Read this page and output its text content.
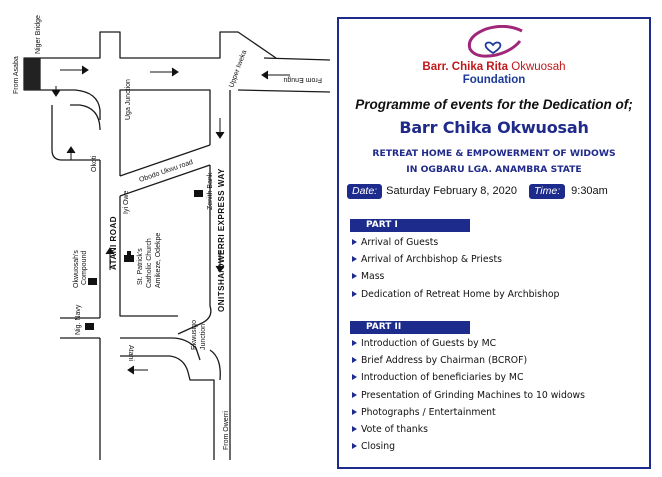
From Asaba
Niger Bridge
Upper Iweka	From Enugu
Uga Junction
Okoti	Obodo Ukwu road
Iyi Owe	Zenith Bank
ATANI ROAD	ONITSHA/OWERRI EXPRESS WAY
St. Patrick's Catholic Church Amikeze, Odekpe
Okwuosah's Compound
Nig. Navy
Ekwusigo Junction
Atani
From Owerri
Barr. Chika Rita Okwuosah
Foundation
Programme of events for the Dedication of;
Barr Chika Okwuosah
RETREAT HOME & EMPOWERMENT OF WIDOWS
IN OGBARU LGA. ANAMBRA STATE
Date: Saturday February 8, 2020 Time: 9:30am
PART I
Arrival of Guests
Arrival of Archbishop & Priests
Mass
Dedication of Retreat Home by Archbishop
PART II
Introduction of Guests by MC
Brief Address by Chairman (BCROF)
Introduction of beneficiaries by MC
Presentation of Grinding Machines to 10 widows
Photographs / Entertainment
Vote of thanks
Closing
